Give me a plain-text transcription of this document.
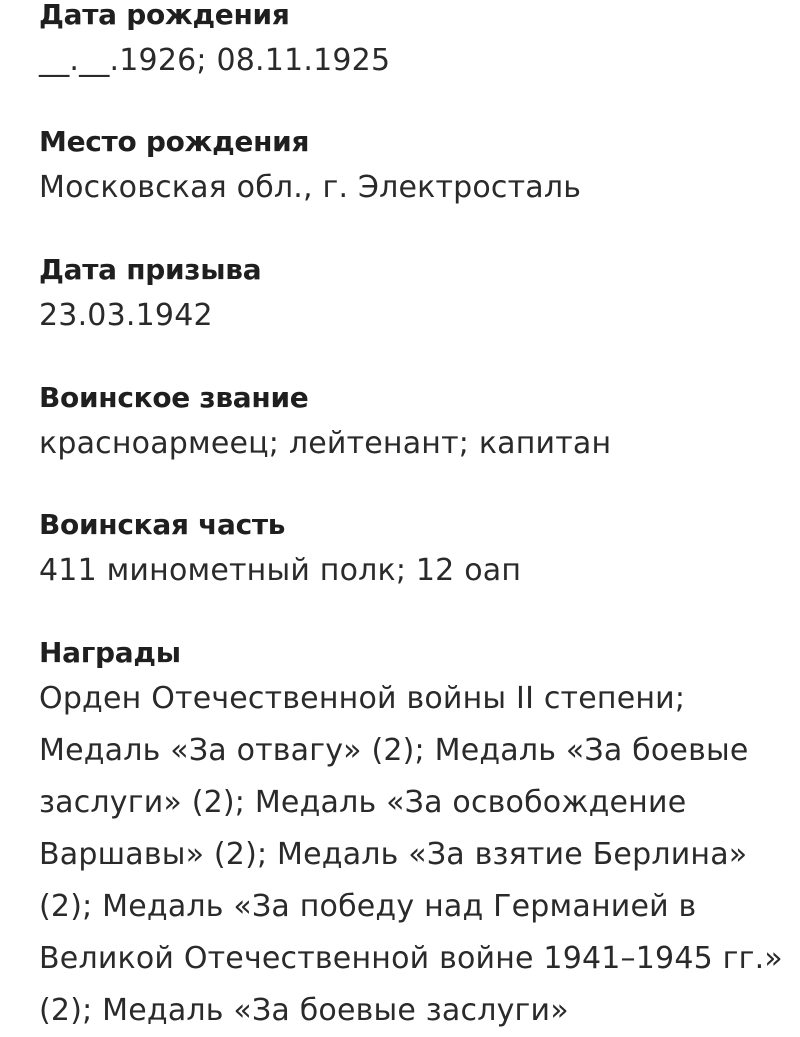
Дата рождения
__.__.1926; 08.11.1925
Место рождения
Московская обл., г. Электросталь
Дата призыва
23.03.1942
Воинское звание
красноармеец; лейтенант; капитан
Воинская часть
411 минометный полк; 12 оап
Награды
Орден Отечественной войны II степени;
Медаль «За отвагу» (2); Медаль «За боевые
заслуги» (2); Медаль «За освобождение
Варшавы» (2); Медаль «За взятие Берлина»
(2); Медаль «За победу над Германией в
Великой Отечественной войне 1941–1945 гг.»
(2); Медаль «За боевые заслуги»
